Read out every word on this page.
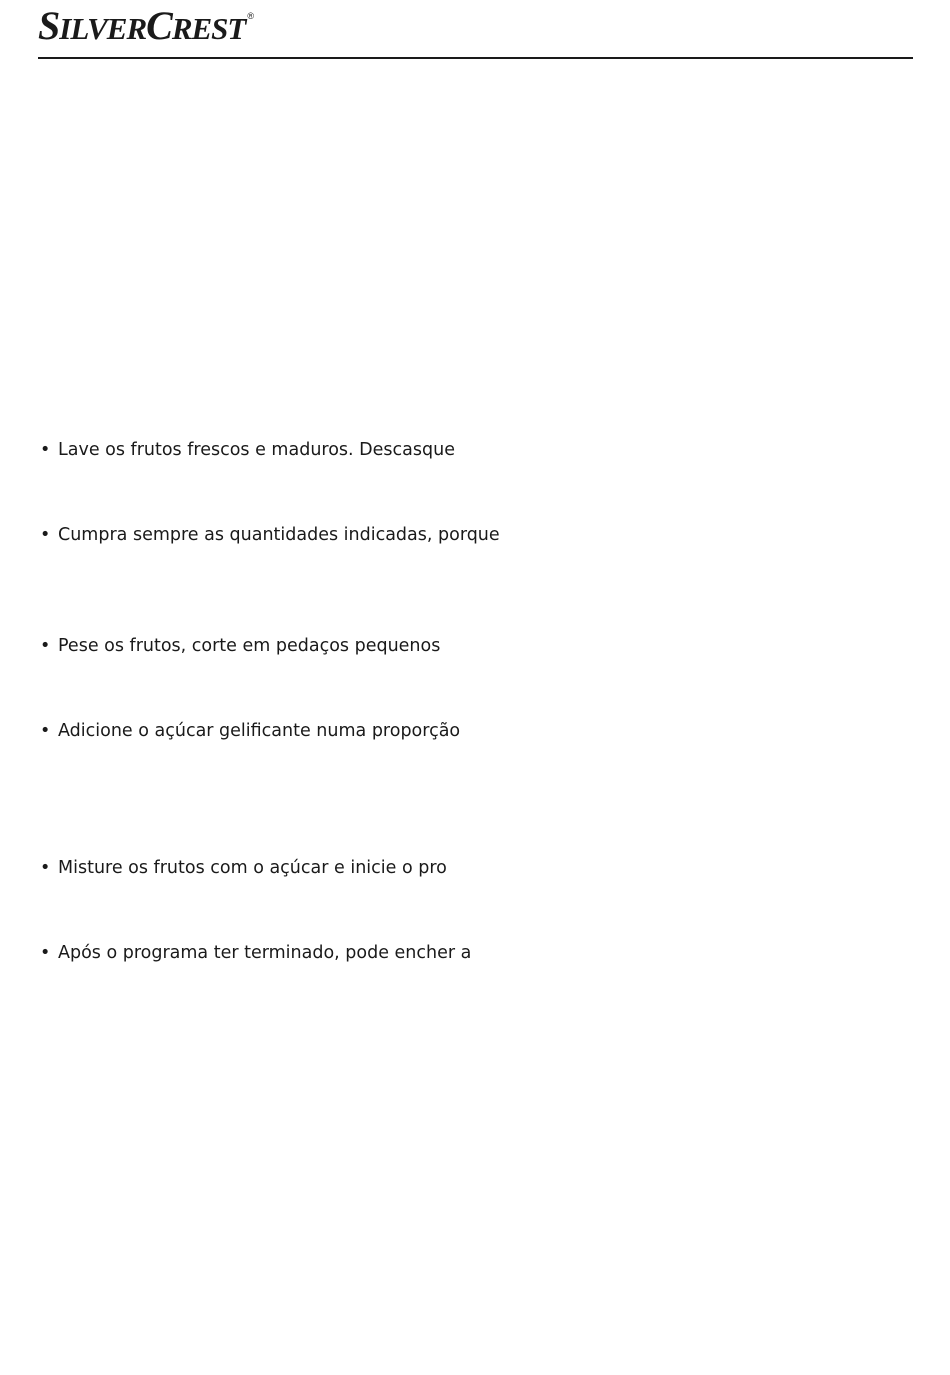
SILVERCREST ®
• Lave os frutos frescos e maduros. Descasque
• Cumpra sempre as quantidades indicadas, porque
• Pese os frutos, corte em pedaços pequenos
• Adicione o açúcar gelificante numa proporção
• Misture os frutos com o açúcar e inicie o pro
• Após o programa ter terminado, pode encher a
